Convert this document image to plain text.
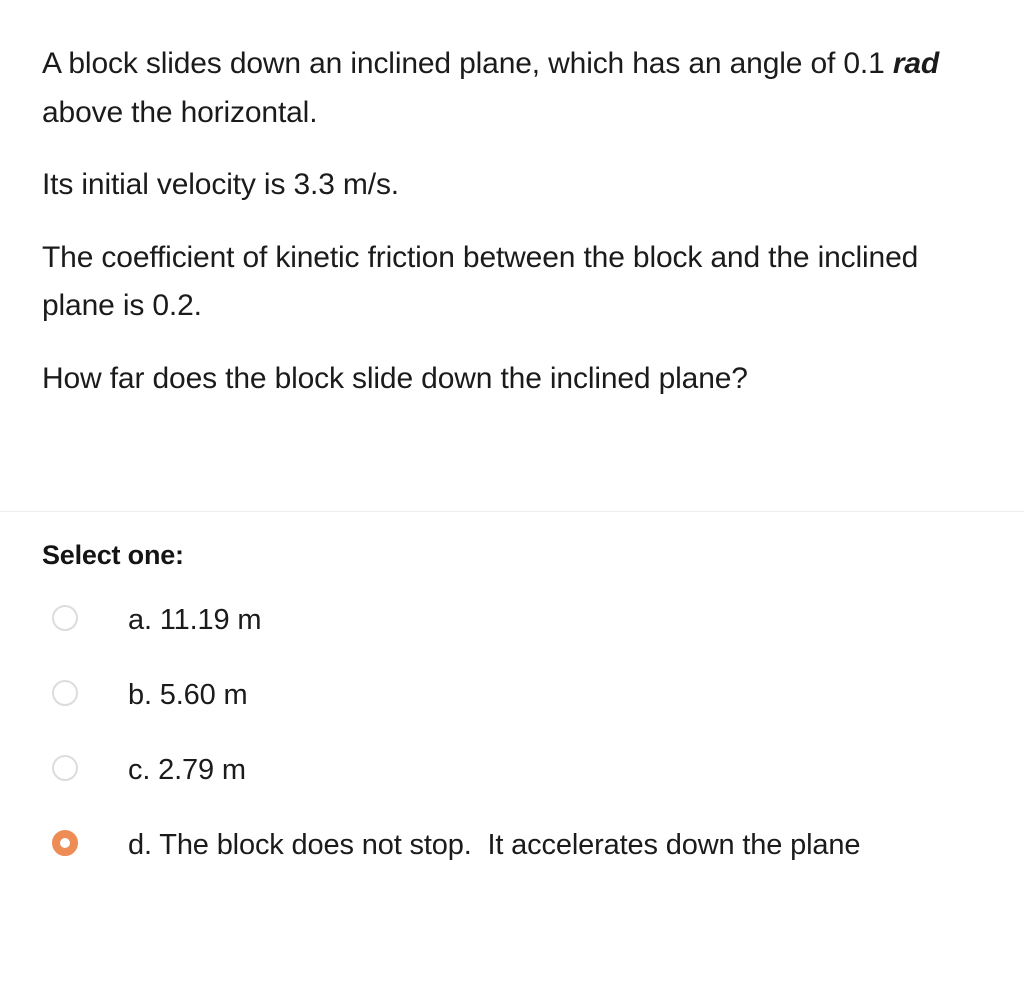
A block slides down an inclined plane, which has an angle of 0.1 rad above the horizontal.

Its initial velocity is 3.3 m/s.

The coefficient of kinetic friction between the block and the inclined plane is 0.2.

How far does the block slide down the inclined plane?

Select one:
a. 11.19 m
b. 5.60 m
c. 2.79 m
d. The block does not stop.  It accelerates down the plane
